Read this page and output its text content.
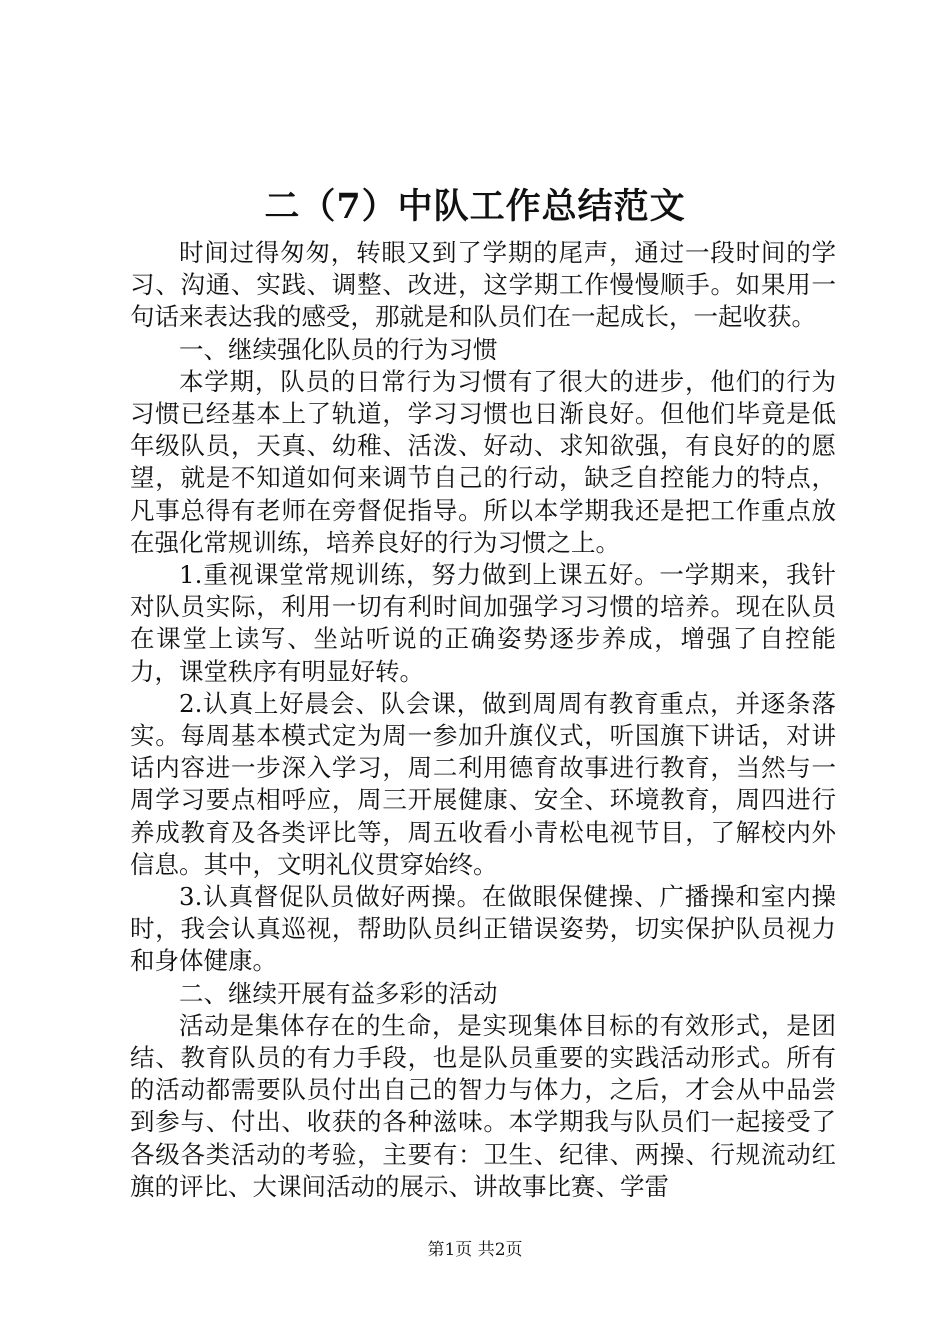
二（7）中队工作总结范文

时间过得匆匆，转眼又到了学期的尾声，通过一段时间的学习、沟通、实践、调整、改进，这学期工作慢慢顺手。如果用一句话来表达我的感受，那就是和队员们在一起成长，一起收获。

一、继续强化队员的行为习惯

本学期，队员的日常行为习惯有了很大的进步，他们的行为习惯已经基本上了轨道，学习习惯也日渐良好。但他们毕竟是低年级队员，天真、幼稚、活泼、好动、求知欲强，有良好的的愿望，就是不知道如何来调节自己的行动，缺乏自控能力的特点，凡事总得有老师在旁督促指导。所以本学期我还是把工作重点放在强化常规训练，培养良好的行为习惯之上。

1.重视课堂常规训练，努力做到上课五好。一学期来，我针对队员实际，利用一切有利时间加强学习习惯的培养。现在队员在课堂上读写、坐站听说的正确姿势逐步养成，增强了自控能力，课堂秩序有明显好转。

2.认真上好晨会、队会课，做到周周有教育重点，并逐条落实。每周基本模式定为周一参加升旗仪式，听国旗下讲话，对讲话内容进一步深入学习，周二利用德育故事进行教育，当然与一周学习要点相呼应，周三开展健康、安全、环境教育，周四进行养成教育及各类评比等，周五收看小青松电视节目，了解校内外信息。其中，文明礼仪贯穿始终。

3.认真督促队员做好两操。在做眼保健操、广播操和室内操时，我会认真巡视，帮助队员纠正错误姿势，切实保护队员视力和身体健康。

二、继续开展有益多彩的活动

活动是集体存在的生命，是实现集体目标的有效形式，是团结、教育队员的有力手段，也是队员重要的实践活动形式。所有的活动都需要队员付出自己的智力与体力，之后，才会从中品尝到参与、付出、收获的各种滋味。本学期我与队员们一起接受了各级各类活动的考验，主要有：卫生、纪律、两操、行规流动红旗的评比、大课间活动的展示、讲故事比赛、学雷

第1页 共2页
